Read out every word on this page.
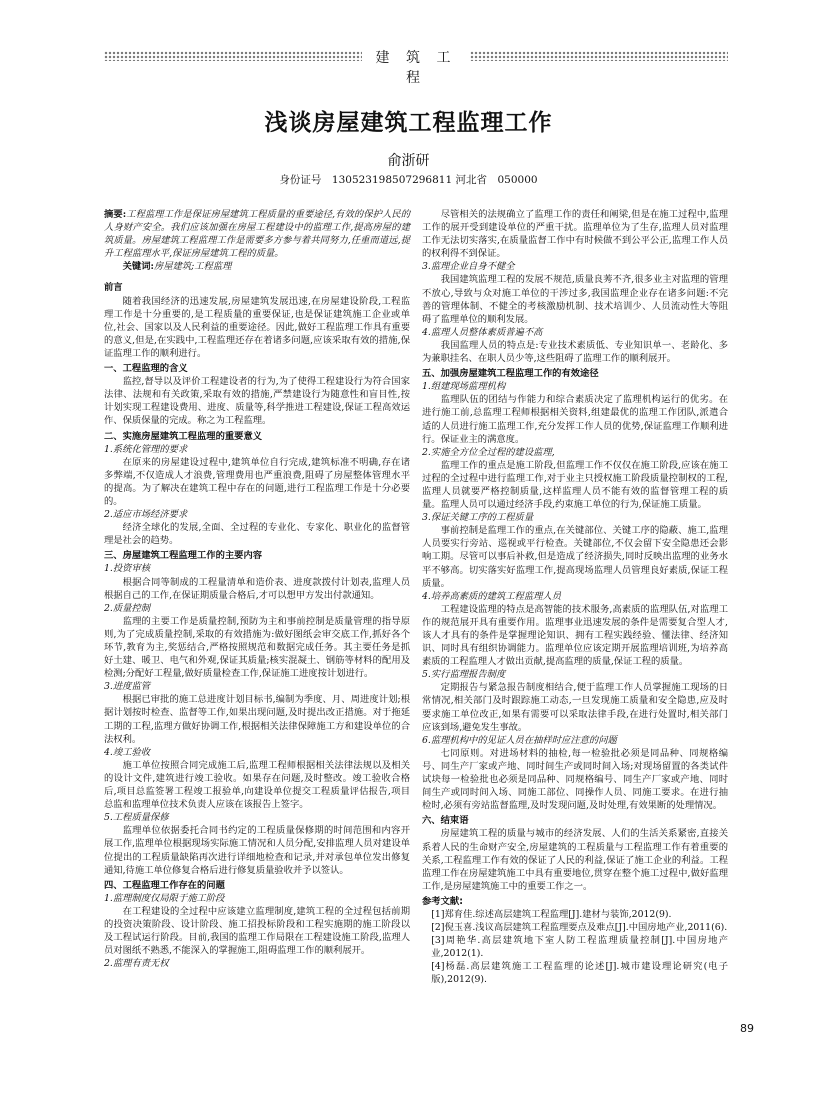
建 筑 工 程
浅谈房屋建筑工程监理工作
俞浙研
身份证号　130523198507296811 河北省　050000

摘要:工程监理工作是保证房屋建筑工程质量的重要途径,有效的保护人民的人身财产安全。我们应该加强在房屋工程建设中的监理工作,提高房屋的建筑质量。房屋建筑工程监理工作是需要多方参与着共同努力,任重而道远,提升工程监理水平,保证房屋建筑工程的质量。

关键词:房屋建筑;工程监理

前言

随着我国经济的迅速发展,房屋建筑发展迅速,在房屋建设阶段,工程监理工作是十分重要的,是工程质量的重要保证,也是保证建筑施工企业或单位,社会、国家以及人民利益的重要途径。因此,做好工程监理工作具有重要的意义,但是,在实践中,工程监理还存在着诸多问题,应该采取有效的措施,保证监理工作的顺利进行。

一、工程监理的含义

监控,督导以及评价工程建设者的行为,为了使得工程建设行为符合国家法律、法规和有关政策,采取有效的措施,严禁建设行为随意性和盲目性,按计划实现工程建设费用、进度、质量等,科学推进工程建设,保证工程高效运作、保质保量的完成。称之为工程监理。

二、实施房屋建筑工程监理的重要意义
1.系统化管理的要求

在原来的房屋建设过程中,建筑单位自行完成,建筑标准不明确,存在诸多弊端,不仅造成人才浪费,管理费用也严重浪费,阻碍了房屋整体管理水平的提高。为了解决在建筑工程中存在的问题,进行工程监理工作是十分必要的。

2.适应市场经济要求

经济全球化的发展,全面、全过程的专业化、专家化、职业化的监督管理是社会的趋势。

三、房屋建筑工程监理工作的主要内容
1.投资审核

根据合同等制成的工程量清单和造价表、进度款拨付计划表,监理人员根据自己的工作,在保证期质量合格后,才可以想甲方发出付款通知。

2.质量控制

监理的主要工作是质量控制,预防为主和事前控制是质量管理的指导原则,为了完成质量控制,采取的有效措施为:做好图纸会审交底工作,抓好各个环节,教育为主,奖惩结合,严格按照规范和数据完成任务。其主要任务是抓好土建、暖卫、电气和外观,保证其质量;核实混凝土、钢筋等材料的配用及检测;分配好工程量,做好质量检查工作,保证施工进度按计划进行。

3.进度监管

根据已审批的施工总进度计划目标书,编制为季度、月、周进度计划;根据计划按时检查、监督等工作,如果出现问题,及时提出改正措施。对于拖延工期的工程,监理方做好协调工作,根据相关法律保障施工方和建设单位的合法权利。

4.竣工验收

施工单位按照合同完成施工后,监理工程师根据相关法律法规以及相关的设计文件,建筑进行竣工验收。如果存在问题,及时整改。竣工验收合格后,项目总监签署工程竣工报验单,向建设单位提交工程质量评估报告,项目总监和监理单位技术负责人应该在该报告上签字。

5.工程质量保修

监理单位依据委托合同书约定的工程质量保修期的时间范围和内容开展工作,监理单位根据现场实际施工情况和人员分配,安排监理人员对建设单位提出的工程质量缺陷再次进行详细地检查和记录,并对承包单位发出修复通知,待施工单位修复合格后进行修复质量验收并予以签认。

四、工程监理工作存在的问题
1.监理制度仅局限于施工阶段

在工程建设的全过程中应该建立监理制度,建筑工程的全过程包括前期的投资决策阶段、设计阶段、施工招投标阶段和工程实施期的施工阶段以及工程试运行阶段。目前,我国的监理工作局限在工程建设施工阶段,监理人员对图纸不熟悉,不能深入的掌握施工,阻碍监理工作的顺利展开。

2.监理有责无权

尽管相关的法规确立了监理工作的责任和阐梁,但是在施工过程中,监理工作的展开受到建设单位的严重干扰。监理单位为了生存,监理人员对监理工作无法切实落实,在质量监督工作中有时候做不到公平公正,监理工作人员的权利得不到保证。

3.监理企业自身不健全

我国建筑监理工程的发展不规范,质量良莠不齐,很多业主对监理的管理不放心,导致与众对施工单位的干涉过多,我国监理企业存在诸多问题:不完善的管理体制、不健全的考核激励机制、技术培训少、人员流动性大等阻碍了监理单位的顺利发展。

4.监理人员整体素质普遍不高

我国监理人员的特点是:专业技术素质低、专业知识单一、老龄化、多为兼职挂名、在职人员少等,这些阻碍了监理工作的顺利展开。

五、加强房屋建筑工程监理工作的有效途径
1.组建现场监理机构

监理队伍的团结与作能力和综合素质决定了监理机构运行的优劣。在进行施工前,总监理工程师根据相关资料,组建最优的监理工作团队,派遣合适的人员进行施工监理工作,充分发挥工作人员的优势,保证监理工作顺利进行。保证业主的满意度。

2.实施全方位全过程的建设监理,

监理工作的重点是施工阶段,但监理工作不仅仅在施工阶段,应该在施工过程的全过程中进行监理工作,对于业主只授权施工阶段质量控制权的工程,监理人员就要严格控制质量,这样监理人员不能有效的监督管理工程的质量。监理人员可以通过经济手段,约束施工单位的行为,保证施工质量。

3.保证关键工序的工程质量

事前控制是监理工作的重点,在关键部位、关键工序的隐蔽、施工,监理人员要实行旁站、巡视或平行检查。关键部位,不仅会留下安全隐患还会影响工期。尽管可以事后补救,但是造成了经济损失,同时反映出监理的业务水平不够高。切实落实好监理工作,提高现场监理人员管理良好素质,保证工程质量。

4.培养高素质的建筑工程监理人员

工程建设监理的特点是高智能的技术服务,高素质的监理队伍,对监理工作的规范展开具有重要作用。监理事业迅速发展的条件是需要复合型人才,该人才具有的条件是掌握理论知识、拥有工程实践经验、懂法律、经济知识、同时具有组织协调能力。监理单位应该定期开展监理培训班,为培养高素质的工程监理人才做出贡献,提高监理的质量,保证工程的质量。

5.实行监理报告制度

定期报告与紧急报告制度相结合,便于监理工作人员掌握施工现场的日常情况,相关部门及时跟踪施工动态,一旦发现施工质量和安全隐患,应及时要求施工单位改正,如果有需要可以采取法律手段,在进行处置时,相关部门应该到场,避免发生事故。

6.监理机构中的见证人员在抽样时应注意的问题

七同原则。对进场材料的抽检,每一检验批必须是同品种、同规格编号、同生产厂家或产地、同时间生产或同时间入场;对现场留置的各类试件试块每一检验批也必须是同品种、同规格编号、同生产厂家或产地、同时间生产或同时间入场、同施工部位、同操作人员、同施工要求。在进行抽检时,必须有旁站监督监理,及时发现问题,及时处理,有效果断的处理情况。

六、结束语

房屋建筑工程的质量与城市的经济发展、人们的生活关系紧密,直接关系着人民的生命财产安全,房屋建筑的工程质量与工程监理工作有着重要的关系,工程监理工作有效的保证了人民的利益,保证了施工企业的利益。工程监理工作在房屋建筑施工中具有重要地位,贯穿在整个施工过程中,做好监理工作,是房屋建筑施工中的重要工作之一。

参考文献:

[1]郑育佳.综述高层建筑工程监理[J].建材与装饰,2012(9).

[2]倪玉喜.浅议高层建筑工程监理要点及难点[J].中国房地产业,2011(6).

[3]周艳华.高层建筑地下室人防工程监理质量控制[J].中国房地产业,2012(1).

[4]杨磊.高层建筑施工工程监理的论述[J].城市建设理论研究(电子版),2012(9).

89
